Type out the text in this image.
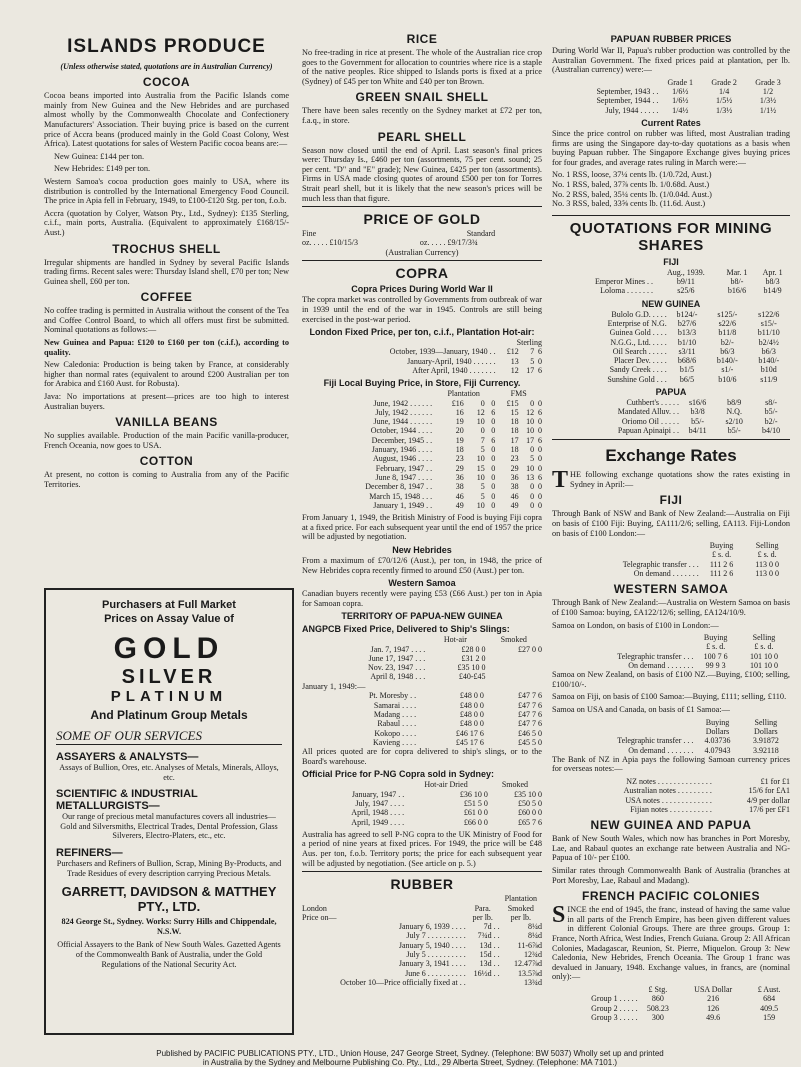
ISLANDS PRODUCE

(Unless otherwise stated, quotations are in Australian Currency)

COCOA

Cocoa beans imported into Australia from the Pacific Islands come mainly from New Guinea and the New Hebrides and are purchased almost wholly by the Commonwealth Chocolate and Confectionery Manufacturers' Association. Their buying price is based on the current price of Accra beans (produced mainly in the Gold Coast Colony, West Africa). Latest quotations for sales of Western Pacific cocoa beans are:—

New Guinea: £144 per ton.

New Hebrides: £149 per ton.

Western Samoa's cocoa production goes mainly to USA, where its distribution is controlled by the International Emergency Food Council. The price in Apia fell in February, 1949, to £100-£120 Stg. per ton, f.o.b.

Accra (quotation by Colyer, Watson Pty., Ltd., Sydney): £135 Sterling, c.i.f., main ports, Australia. (Equivalent to approximately £168/15/- Aust.)

TROCHUS SHELL

Irregular shipments are handled in Sydney by several Pacific Islands trading firms. Recent sales were: Thursday Island shell, £70 per ton; New Guinea shell, £60 per ton.

COFFEE

No coffee trading is permitted in Australia without the consent of the Tea and Coffee Control Board, to which all offers must first be submitted. Nominal quotations as follows:—

New Guinea and Papua: £120 to £160 per ton (c.i.f.), according to quality.

New Caledonia: Production is being taken by France, at considerably higher than normal rates (equivalent to around £200 Australian per ton for Arabica and £160 Aust. for Robusta).

Java: No importations at present—prices are too high to interest Australian buyers.

VANILLA BEANS

No supplies available. Production of the main Pacific vanilla-producer, French Oceania, now goes to USA.

COTTON

At present, no cotton is coming to Australia from any of the Pacific Territories.

Purchasers at Full Market
Prices on Assay Value of
GOLD
SILVER
PLATINUM
And Platinum Group Metals
SOME OF OUR SERVICES
ASSAYERS & ANALYSTS—

Assays of Bullion, Ores, etc. Analyses of Metals, Minerals, Alloys, etc.

SCIENTIFIC & INDUSTRIAL METALLURGISTS—

Our range of precious metal manufactures covers all industries—Gold and Silversmiths, Electrical Trades, Dental Profession, Glass Silverers, Electro-Platers, etc., etc.

REFINERS—

Purchasers and Refiners of Bullion, Scrap, Mining By-Products, and Trade Residues of every description carrying Precious Metals.

GARRETT, DAVIDSON & MATTHEY PTY., LTD.

824 George St., Sydney. Works: Surry Hills and Chippendale, N.S.W.

Official Assayers to the Bank of New South Wales. Gazetted Agents of the Commonwealth Bank of Australia, under the Gold Regulations of the National Security Act.

RICE

No free-trading in rice at present. The whole of the Australian rice crop goes to the Government for allocation to countries where rice is a staple of the native peoples. Rice shipped to Islands ports is fixed at a price (Sydney) of £45 per ton White and £40 per ton Brown.

GREEN SNAIL SHELL

There have been sales recently on the Sydney market at £72 per ton, f.a.q., in store.

PEARL SHELL

Season now closed until the end of April. Last season's final prices were: Thursday Is., £460 per ton (assortments, 75 per cent. sound; 25 per cent. "D" and "E" grade); New Guinea, £425 per ton (assortments). Firms in USA made closing quotes of around £500 per ton for Torres Strait pearl shell, but it is likely that the new season's prices will be much less than that figure.

PRICE OF GOLD
Fine	Standard
oz. . . . . £10/15/3	oz. . . . . £9/17/3¾

(Australian Currency)

COPRA
Copra Prices During World War II

The copra market was controlled by Governments from outbreak of war in 1939 until the end of the war in 1945. Controls are still being exercised in the post-war period.

London Fixed Price, per ton, c.i.f., Plantation Hot-air:
	Sterling		
October, 1939—January, 1940 . .	£12	7	6
January-April, 1940 . . . . . .	13	5	0
After April, 1940 . . . . . . .	12	17	6
Fiji Local Buying Price, in Store, Fiji Currency.
	Plantation			FMS		
June, 1942 . . . . . .	£16	0	0	£15	0	0
July, 1942 . . . . . .	16	12	6	15	12	6
June, 1944 . . . . . .	19	10	0	18	10	0
October, 1944 . . . .	20	0	0	18	10	0
December, 1945 . .	19	7	6	17	17	6
January, 1946 . . . .	18	5	0	18	0	0
August, 1946 . . . .	23	10	0	23	5	0
February, 1947 . .	29	15	0	29	10	0
June 8, 1947 . . . .	36	10	0	36	13	6
December 8, 1947 . .	38	5	0	38	0	0
March 15, 1948 . . .	46	5	0	46	0	0
January 1, 1949 . .	49	10	0	49	0	0

From January 1, 1949, the British Ministry of Food is buying Fiji copra at a fixed price. For each subsequent year until the end of 1957 the price will be adjusted by negotiation.

New Hebrides

From a maximum of £70/12/6 (Aust.), per ton, in 1948, the price of New Hebrides copra recently firmed to around £50 (Aust.) per ton.

Western Samoa

Canadian buyers recently were paying £53 (£66 Aust.) per ton in Apia for Samoan copra.

TERRITORY OF PAPUA-NEW GUINEA
ANGPCB Fixed Price, Delivered to Ship's Slings:
	Hot-air	Smoked
Jan. 7, 1947 . . . .	£28 0 0	£27 0 0
June 17, 1947 . . .	£31 2 0	
Nov. 23, 1947 . . .	£35 10 0	
April 8, 1948 . . .	£40-£45	

January 1, 1949:—

Pt. Moresby . .	£48 0 0	£47 7 6
Samarai . . . .	£48 0 0	£47 7 6
Madang . . . .	£48 0 0	£47 7 6
Rabaul . . . .	£48 0 0	£47 7 6
Kokopo . . . .	£46 17 6	£46 5 0
Kavieng . . . .	£45 17 6	£45 5 0

All prices quoted are for copra delivered to ship's slings, or to the Board's warehouse.

Official Price for P-NG Copra sold in Sydney:
	Hot-air Dried	Smoked
January, 1947 . .	£36 10 0	£35 10 0
July, 1947 . . . .	£51 5 0	£50 5 0
April, 1948 . . . .	£61 0 0	£60 0 0
April, 1949 . . . .	£66 0 0	£65 7 6

Australia has agreed to sell P-NG copra to the UK Ministry of Food for a period of nine years at fixed prices. For 1949, the price will be £48 Aus. per ton, f.o.b. Territory ports; the price for each subsequent year will be adjusted by negotiation. (See article on p. 5.)

RUBBER
		Plantation
London	Para.	Smoked
Price on—	per lb.	per lb.
January 6, 1939 . . . .	7d . .	8¼d
July 7 . . . . . . . . . .	7¾d . .	8¼d
January 5, 1940 . . . .	13d . .	11-6⅞d
July 5 . . . . . . . . . .	15d . .	12¾d
January 3, 1941 . . . .	13d . .	12.47⅞d
June 6 . . . . . . . . . .	16½d . .	13.5⅞d
October 10—Price officially fixed at . .		13¾d
PAPUAN RUBBER PRICES

During World War II, Papua's rubber production was controlled by the Australian Government. The fixed prices paid at plantation, per lb. (Australian currency) were:—

	Grade 1	Grade 2	Grade 3
September, 1943 . .	1/6½	1/4	1/2
September, 1944 . .	1/6½	1/5½	1/3½
July, 1944 . . . . .	1/4½	1/3½	1/1½
Current Rates

Since the price control on rubber was lifted, most Australian trading firms are using the Singapore day-to-day quotations as a basis when buying Papuan rubber. The Singapore Exchange gives buying prices for four grades, and average rates ruling in March were:—

No. 1 RSS, loose, 37¼ cents lb. (1/0.72d, Aust.)

No. 1 RSS, baled, 37⅞ cents lb. 1/0.68d. Aust.)

No. 2 RSS, baled, 35¼ cents lb. (1/0.04d. Aust.)

No. 3 RSS, baled, 33⅝ cents lb. (11.6d. Aust.)

QUOTATIONS FOR MINING SHARES
FIJI
	Aug., 1939.	Mar. 1	Apr. 1
Emperor Mines . .	b9/11	b8/-	b8/3
Loloma . . . . . . .	s25/6	b16/6	b14/9
NEW GUINEA
Bulolo G.D. . . . .	b124/-	s125/-	s122/6
Enterprise of N.G.	b27/6	s22/6	s15/-
Guinea Gold . . . .	b13/3	b11/8	b11/10
N.G.G., Ltd. . . . .	b1/10	b2/-	b2/4½
Oil Search . . . . .	s3/11	b6/3	b6/3
Placer Dev. . . . .	b68/6	b140/-	b140/-
Sandy Creek . . . .	b1/5	s1/-	b10d
Sunshine Gold . . .	b6/5	b10/6	s11/9
PAPUA
Cuthbert's . . . . .	s16/6	b8/9	s8/-
Mandated Alluv. . .	b3/8	N.Q.	b5/-
Oriomo Oil . . . . .	b5/-	s2/10	b2/-
Papuan Apinaipi . .	b4/11	b5/-	b4/10
Exchange Rates

THE following exchange quotations show the rates existing in Sydney in April:—

FIJI

Through Bank of NSW and Bank of New Zealand:—Australia on Fiji on basis of £100 Fiji: Buying, £A111/2/6; selling, £A113. Fiji-London on basis of £100 London:—

	Buying	Selling
	£ s. d.	£ s. d.
Telegraphic transfer . . .	111 2 6	113 0 0
On demand . . . . . . .	111 2 6	113 0 0
WESTERN SAMOA

Through Bank of New Zealand:—Australia on Western Samoa on basis of £100 Samoa: buying, £A122/12/6; selling, £A124/10/9.

Samoa on London, on basis of £100 in London:—

	Buying	Selling
	£ s. d.	£ s. d.
Telegraphic transfer . . .	100 7 6	101 10 0
On demand . . . . . . .	99 9 3	101 10 0

Samoa on New Zealand, on basis of £100 NZ.—Buying, £100; selling, £100/10/-.

Samoa on Fiji, on basis of £100 Samoa:—Buying, £111; selling, £110.

Samoa on USA and Canada, on basis of £1 Samoa:—

	Buying	Selling
	Dollars	Dollars
Telegraphic transfer . . .	4.03736	3.91872
On demand . . . . . . .	4.07943	3.92118

The Bank of NZ in Apia pays the following Samoan currency prices for overseas notes:—

NZ notes . . . . . . . . . . . . . .	£1 for £1
Australian notes . . . . . . . . .	15/6 for £A1
USA notes . . . . . . . . . . . . .	4/9 per dollar
Fijian notes . . . . . . . . . . .	17/6 per £F1
NEW GUINEA AND PAPUA

Bank of New South Wales, which now has branches in Port Moresby, Lae, and Rabaul quotes an exchange rate between Australia and NG-Papua of 10/- per £100.

Similar rates through Commonwealth Bank of Australia (branches at Port Moresby, Lae, Rabaul and Madang).

FRENCH PACIFIC COLONIES

SINCE the end of 1945, the franc, instead of having the same value in all parts of the French Empire, has been given different values in different Colonial Groups. There are three groups. Group 1: France, North Africa, West Indies, French Guiana. Group 2: All African Colonies, Madagascar, Reunion, St. Pierre, Miquelon. Group 3: New Caledonia, New Hebrides, French Oceania. The Group 1 franc was devalued in January, 1948. Exchange values, in francs, are (nominal only):—

	£ Stg.	USA Dollar	£ Aust.
Group 1 . . . . .	860	216	684
Group 2 . . . . .	508.23	126	409.5
Group 3 . . . . .	300	49.6	159
Published by PACIFIC PUBLICATIONS PTY., LTD., Union House, 247 George Street, Sydney. (Telephone: BW 5037) Wholly set up and printed
in Australia by the Sydney and Melbourne Publishing Co. Pty., Ltd., 29 Alberta Street, Sydney. (Telephone: MA 7101.)
